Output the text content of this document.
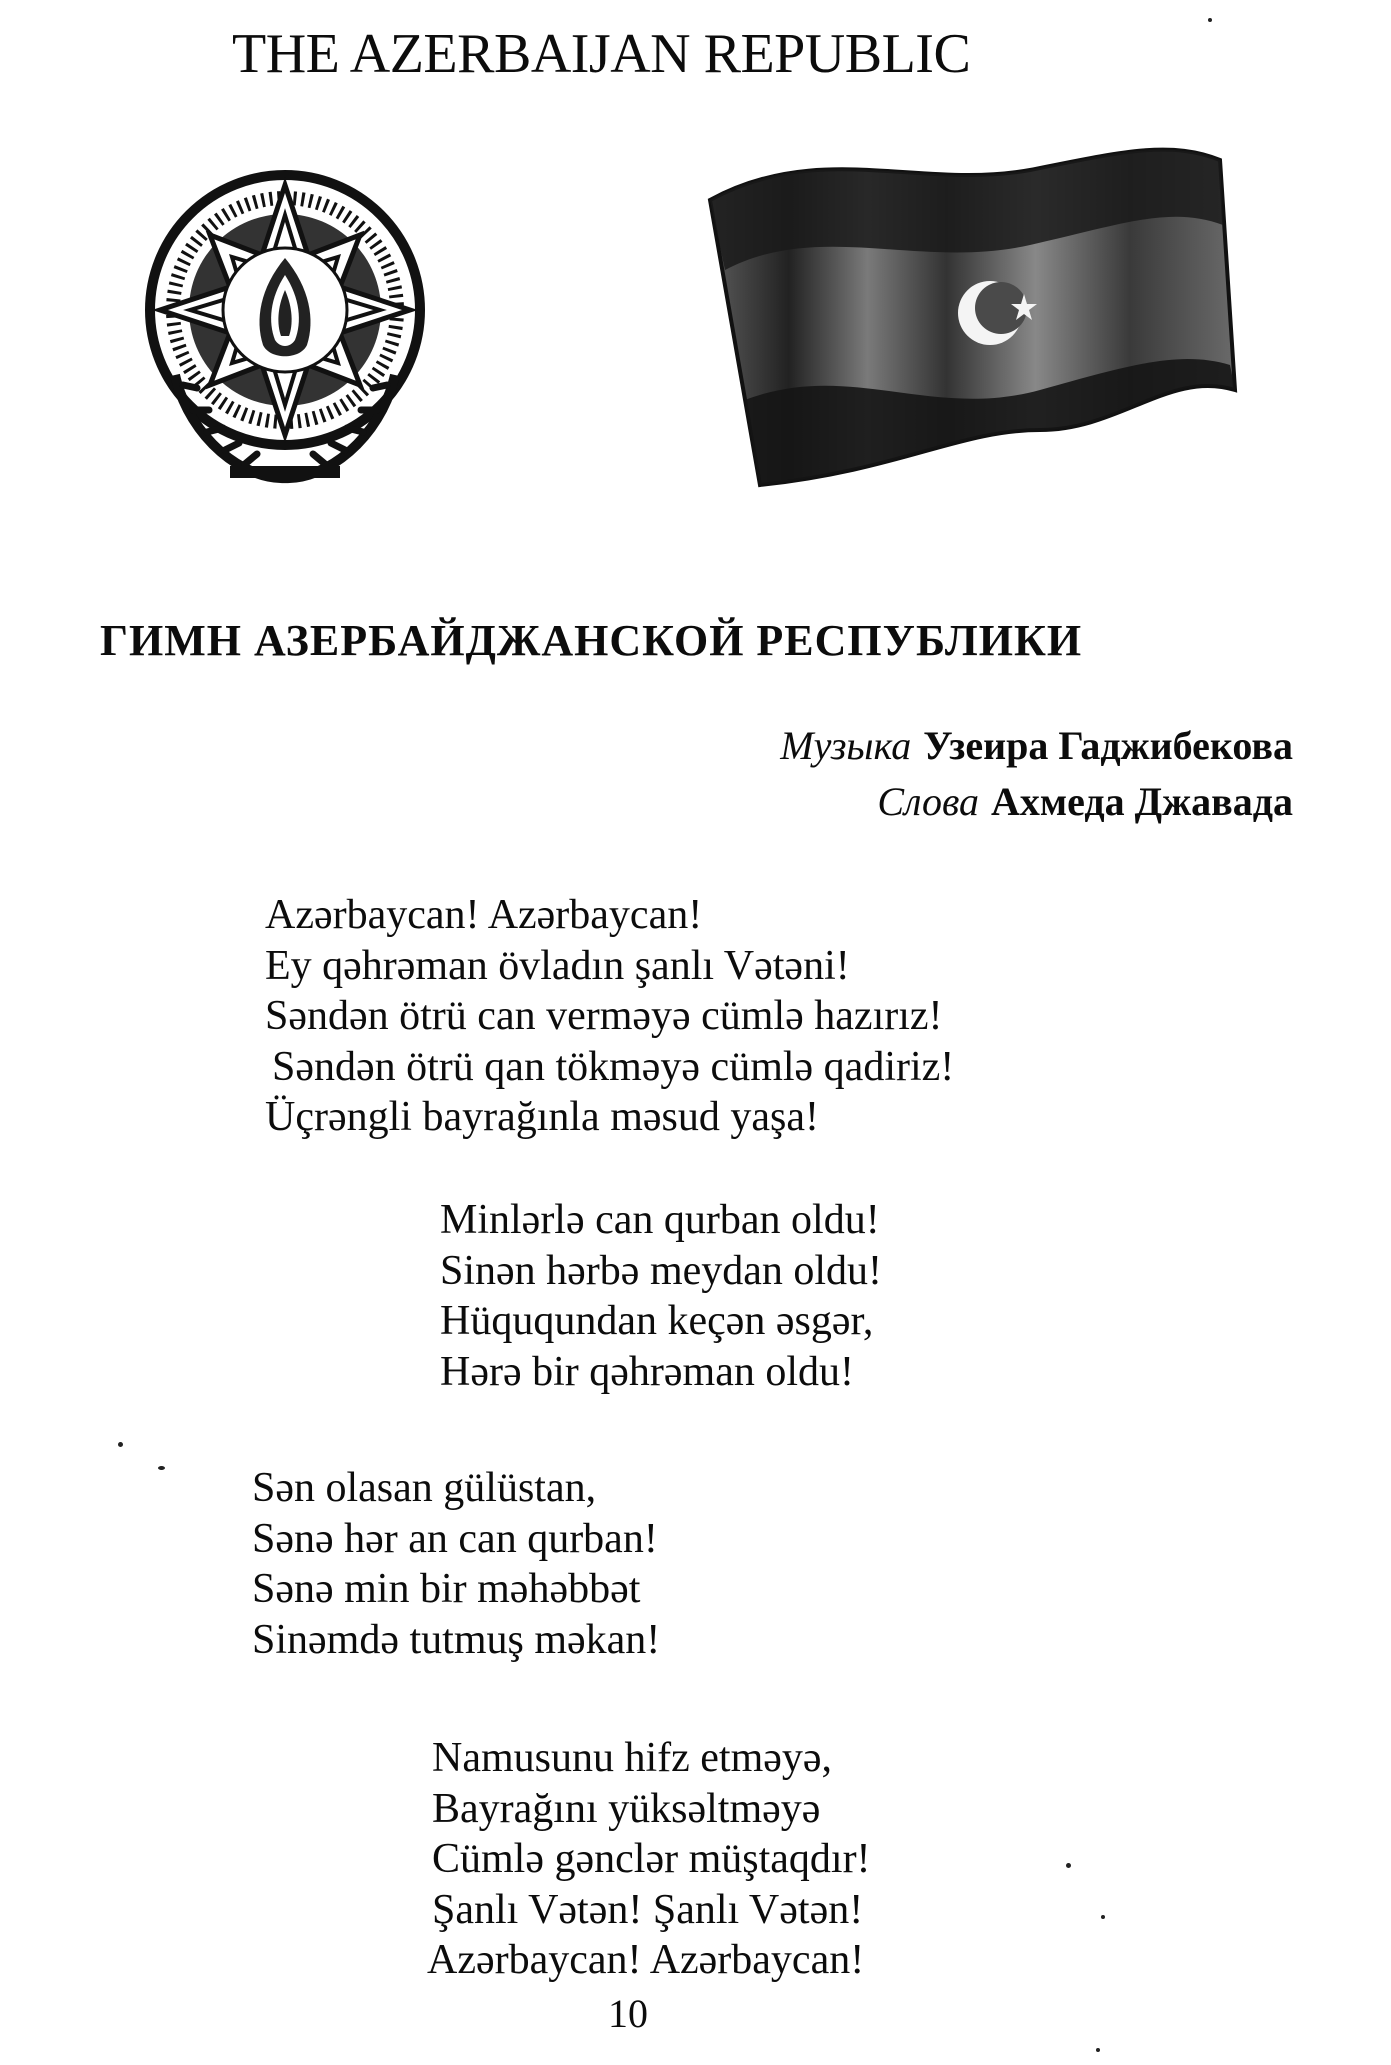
THE AZERBAIJAN REPUBLIC
ГИМН АЗЕРБАЙДЖАНСКОЙ РЕСПУБЛИКИ
Музыка Узеира Гаджибекова
Слова Ахмеда Джавада
Azərbaycan! Azərbaycan!
Ey qəhrəman övladın şanlı Vətəni!
Səndən ötrü can verməyə cümlə hazırız!
Səndən ötrü qan tökməyə cümlə qadiriz!
Üçrəngli bayrağınla məsud yaşa!
Minlərlə can qurban oldu!
Sinən hərbə meydan oldu!
Hüququndan keçən əsgər,
Hərə bir qəhrəman oldu!
Sən olasan gülüstan,
Sənə hər an can qurban!
Sənə min bir məhəbbət
Sinəmdə tutmuş məkan!
Namusunu hifz etməyə,
Bayrağını yüksəltməyə
Cümlə gənclər müştaqdır!
Şanlı Vətən! Şanlı Vətən!
Azərbaycan! Azərbaycan!
10
